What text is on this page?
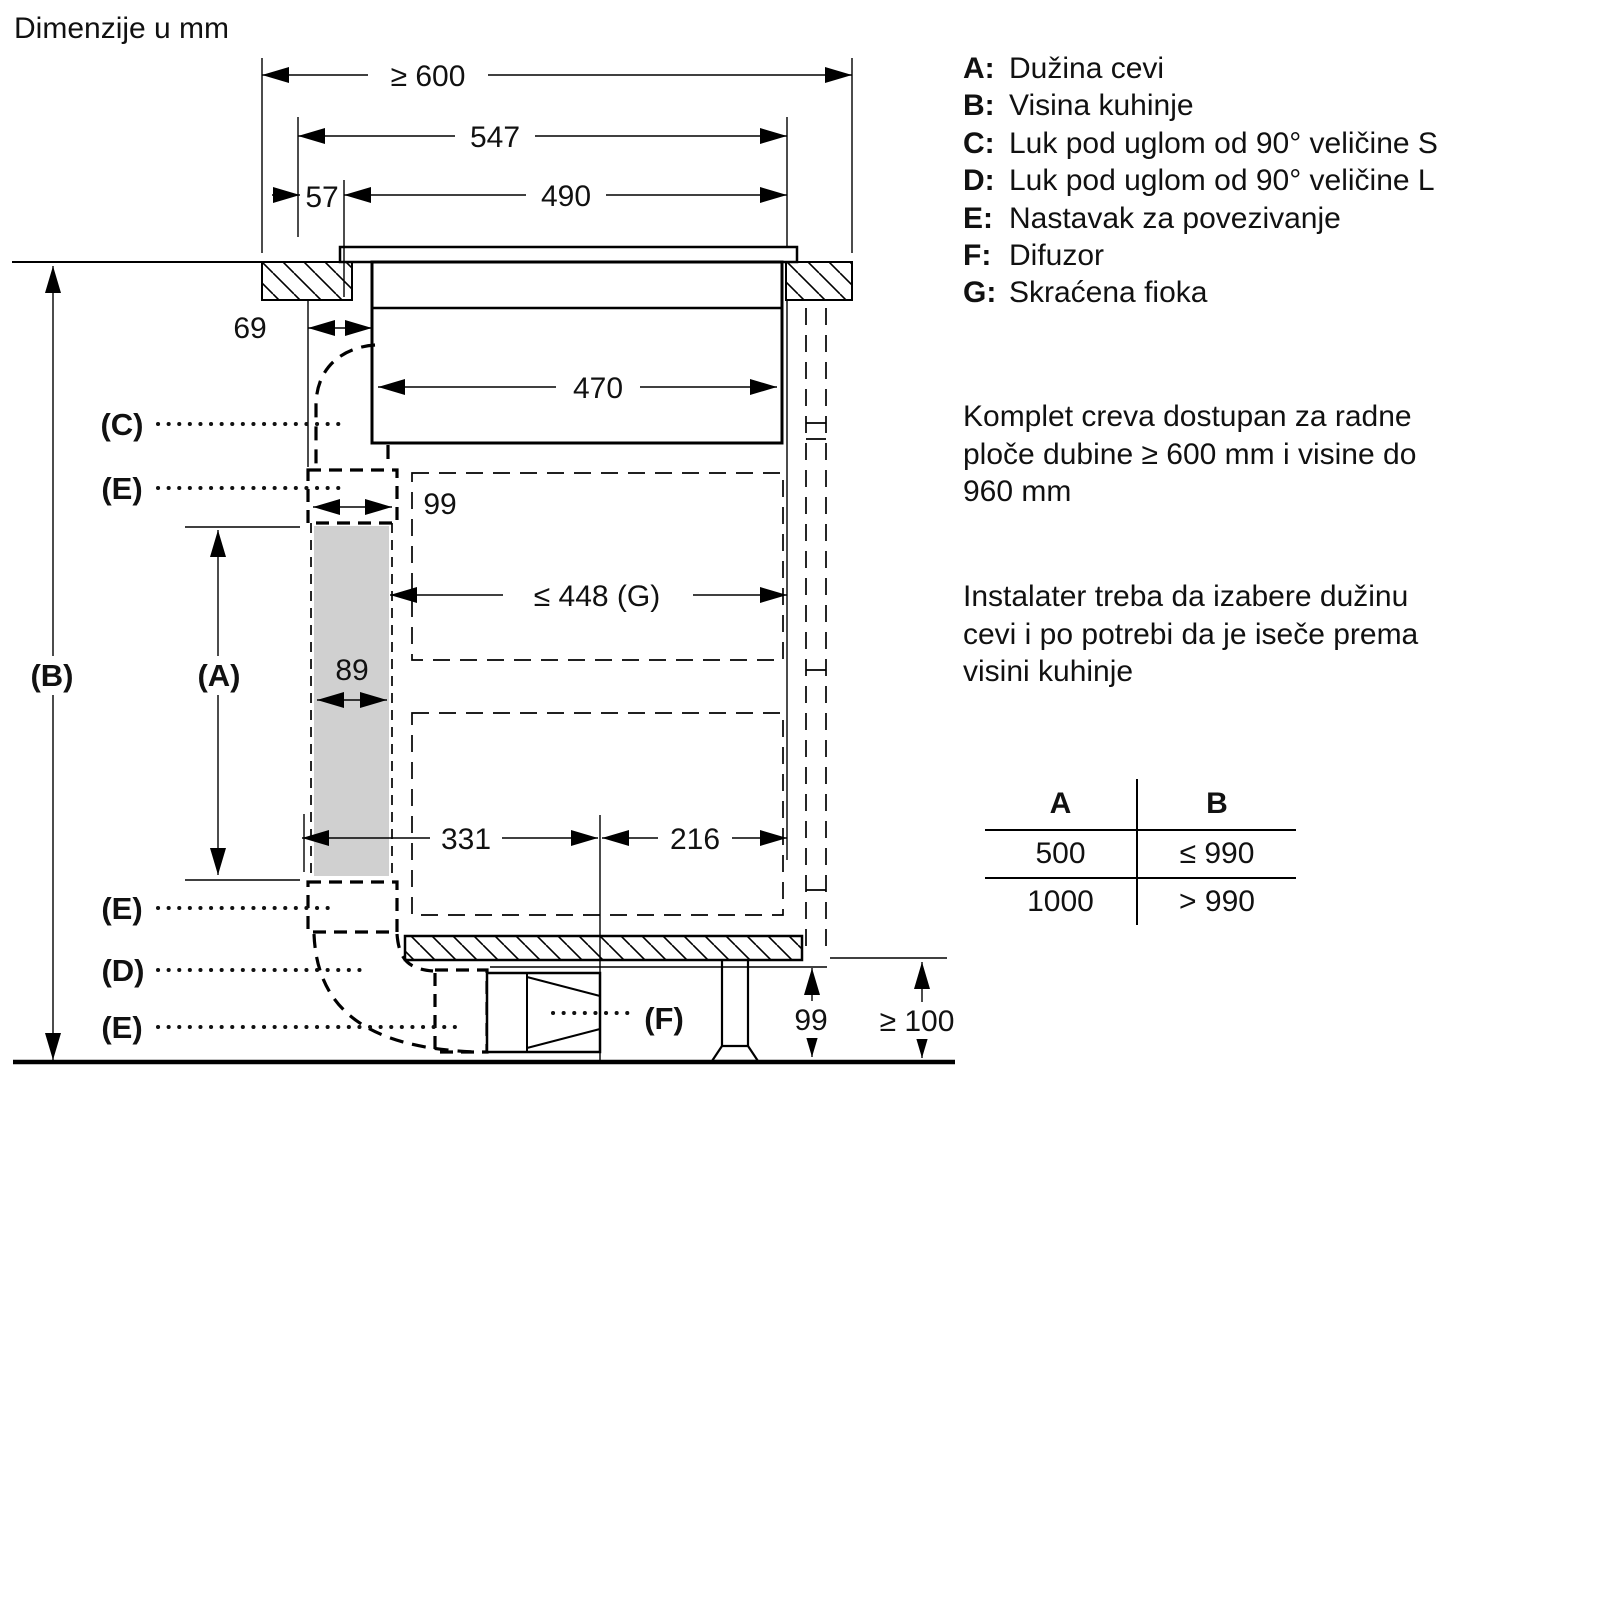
Dimenzije u mm
≥ 600
547
490
57
69
470
99
89
≤ 448 (G)
331	216
99 ≥ 100
(B)	(A)
(C)
(E)
(E)
(D)
(E)	(F)
A: Dužina cevi
B: Visina kuhinje
C: Luk pod uglom od 90° veličine S
D: Luk pod uglom od 90° veličine L
E: Nastavak za povezivanje
F: Difuzor
G: Skraćena fioka
Komplet creva dostupan za radne
ploče dubine ≥ 600 mm i visine do
960 mm
Instalater treba da izabere dužinu
cevi i po potrebi da je iseče prema
visini kuhinje
A	B
500	≤ 990
1000	> 990
